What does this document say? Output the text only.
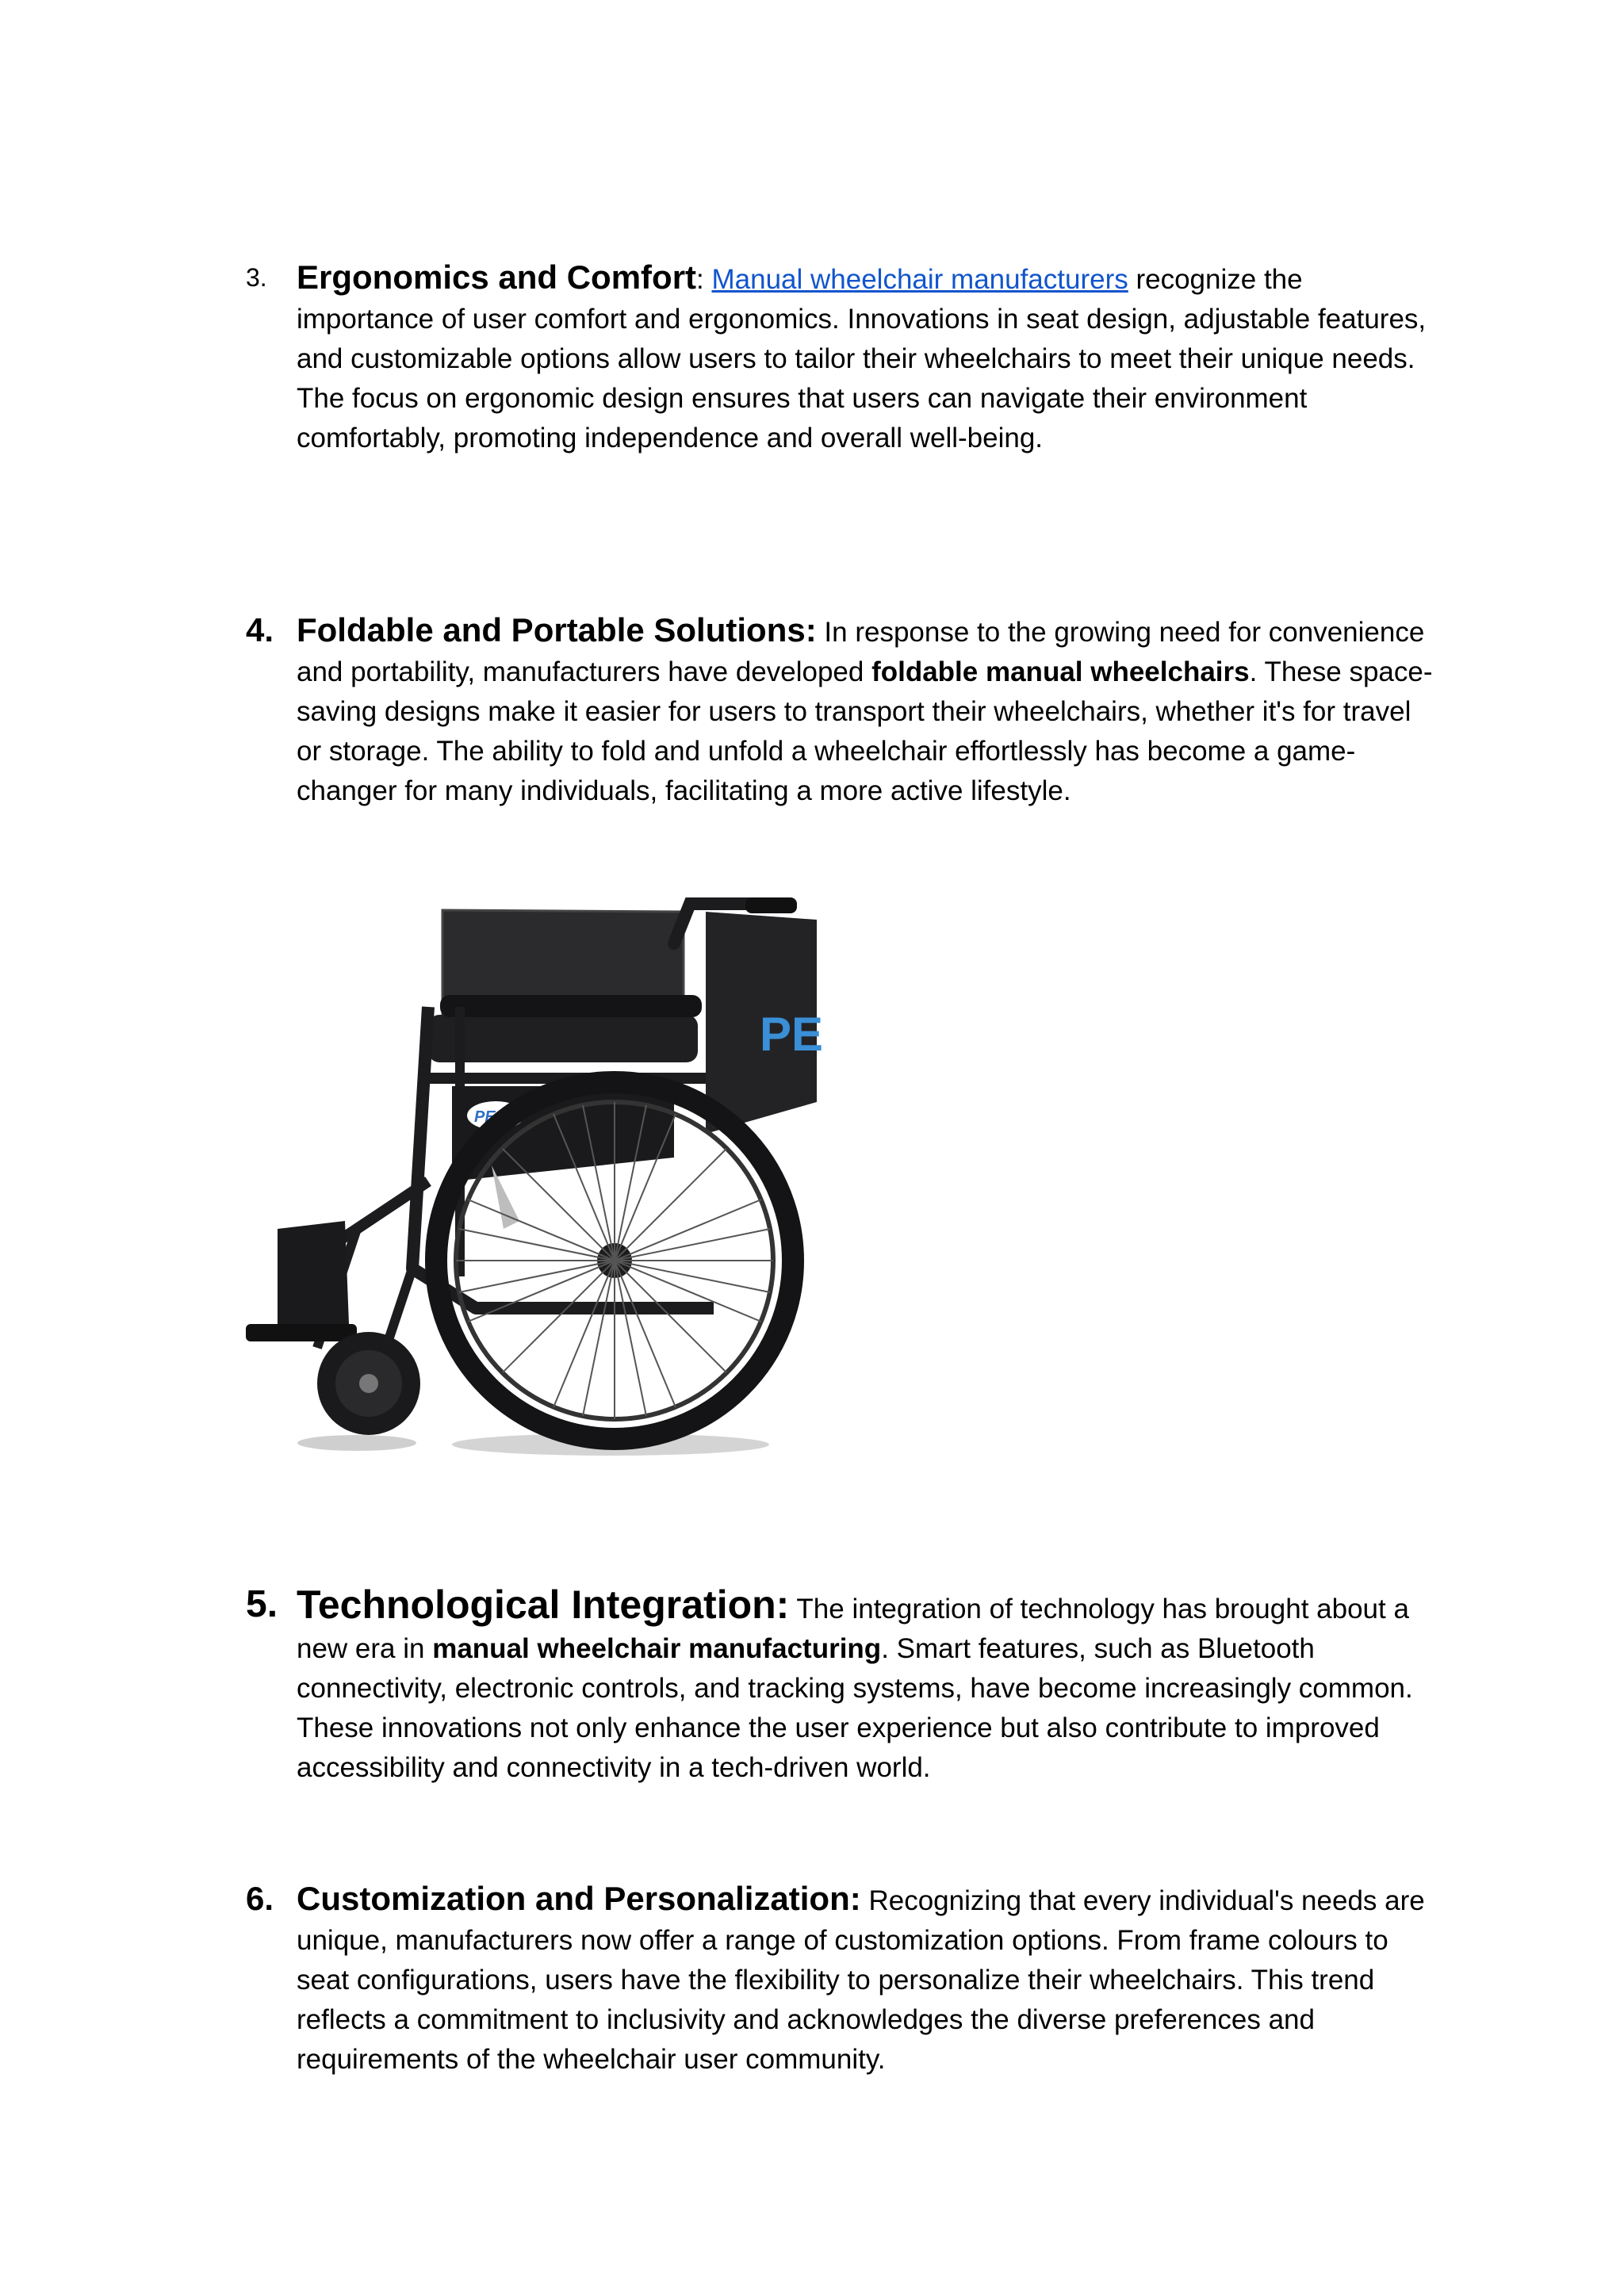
3. Ergonomics and Comfort: Manual wheelchair manufacturers recognize the importance of user comfort and ergonomics. Innovations in seat design, adjustable features, and customizable options allow users to tailor their wheelchairs to meet their unique needs. The focus on ergonomic design ensures that users can navigate their environment comfortably, promoting independence and overall well-being.
4. Foldable and Portable Solutions: In response to the growing need for convenience and portability, manufacturers have developed foldable manual wheelchairs. These space-saving designs make it easier for users to transport their wheelchairs, whether it's for travel or storage. The ability to fold and unfold a wheelchair effortlessly has become a game-changer for many individuals, facilitating a more active lifestyle.
PE
PEAS
5. Technological Integration: The integration of technology has brought about a new era in manual wheelchair manufacturing. Smart features, such as Bluetooth connectivity, electronic controls, and tracking systems, have become increasingly common. These innovations not only enhance the user experience but also contribute to improved accessibility and connectivity in a tech-driven world.
6. Customization and Personalization: Recognizing that every individual's needs are unique, manufacturers now offer a range of customization options. From frame colours to seat configurations, users have the flexibility to personalize their wheelchairs. This trend reflects a commitment to inclusivity and acknowledges the diverse preferences and requirements of the wheelchair user community.
